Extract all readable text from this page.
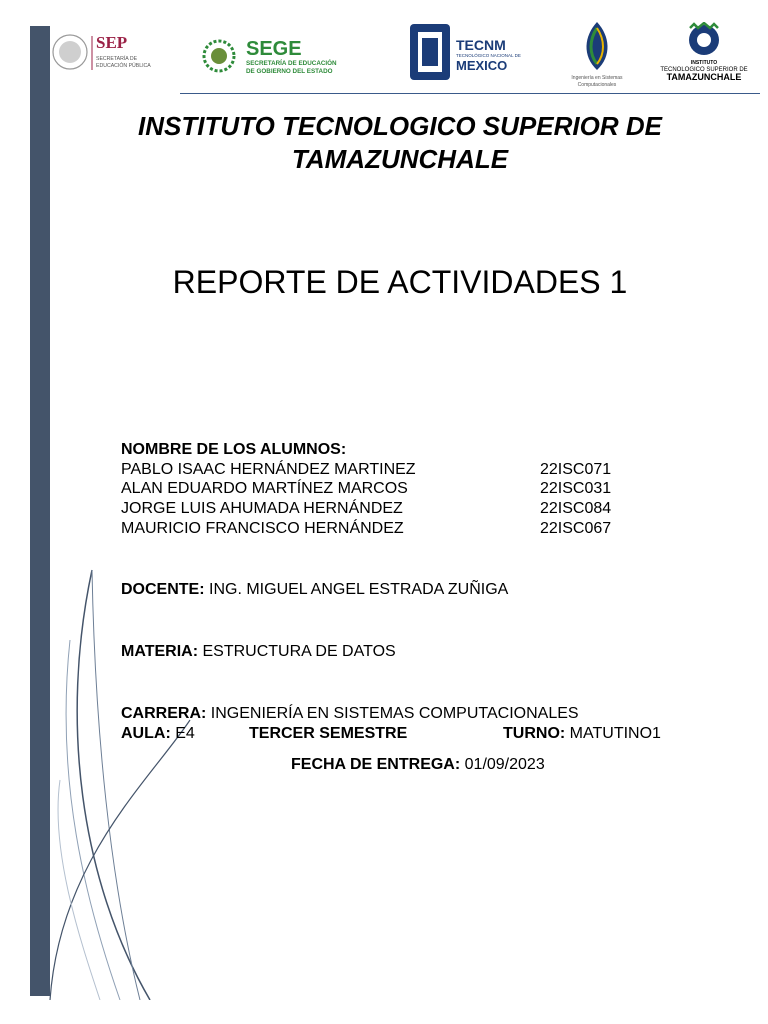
SEP
SECRETARÍA DE
EDUCACIÓN PÚBLICA
SEGE
SECRETARÍA DE EDUCACIÓN
DE GOBIERNO DEL ESTADO
TECNM
TECNOLÓGICO NACIONAL DE
MEXICO
Ingeniería en Sistemas
Computacionales
INSTITUTO
TECNOLOGICO SUPERIOR DE
TAMAZUNCHALE
INSTITUTO TECNOLOGICO SUPERIOR DE
TAMAZUNCHALE
REPORTE DE ACTIVIDADES 1
NOMBRE DE LOS ALUMNOS:
PABLO ISAAC HERNÁNDEZ MARTINEZ	22ISC071
ALAN EDUARDO MARTÍNEZ MARCOS	22ISC031
JORGE LUIS AHUMADA HERNÁNDEZ	22ISC084
MAURICIO FRANCISCO HERNÁNDEZ	22ISC067
DOCENTE: ING. MIGUEL ANGEL ESTRADA ZUÑIGA
MATERIA: ESTRUCTURA DE DATOS
CARRERA: INGENIERÍA EN SISTEMAS COMPUTACIONALES
AULA: E4	TERCER SEMESTRE	TURNO: MATUTINO1
FECHA DE ENTREGA: 01/09/2023
